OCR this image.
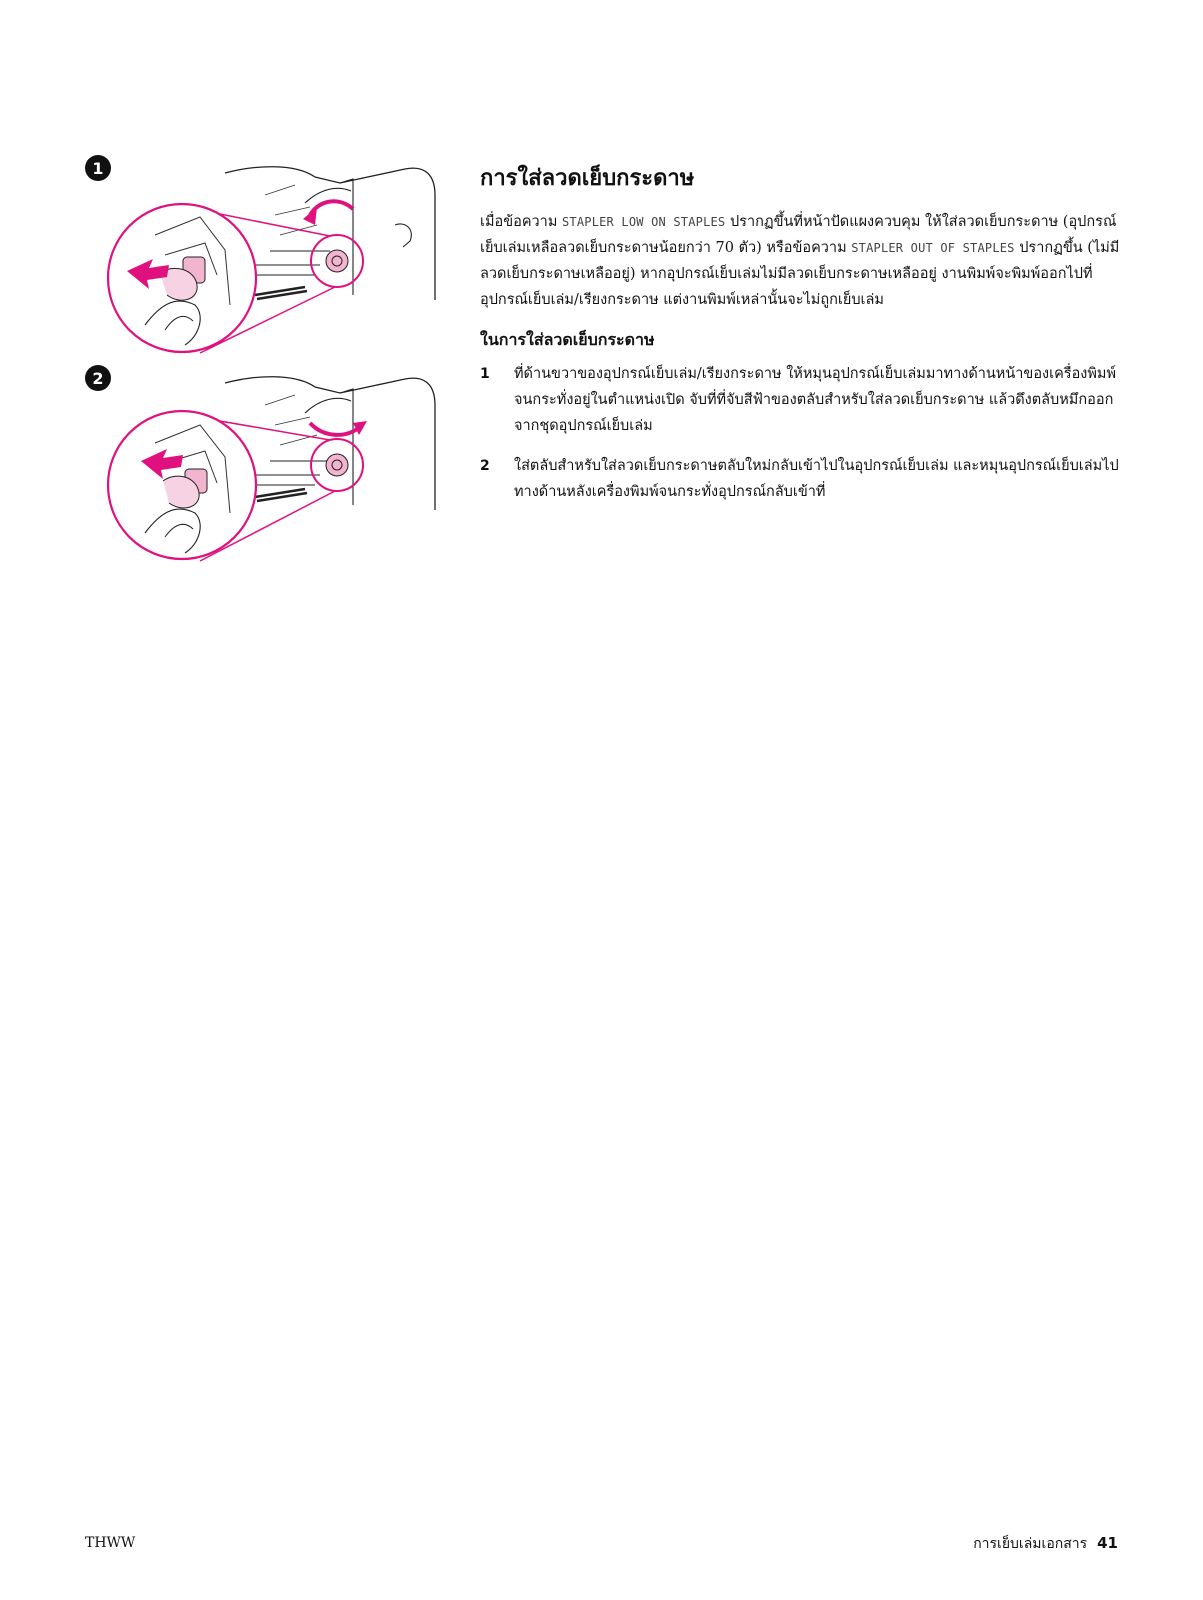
1
2
การใส่ลวดเย็บกระดาษ

เมื่อข้อความ STAPLER LOW ON STAPLES ปรากฏขึ้นที่หน้าปัดแผงควบคุม ให้ใส่ลวดเย็บกระดาษ (อุปกรณ์เย็บเล่มเหลือลวดเย็บกระดาษน้อยกว่า 70 ตัว) หรือข้อความ STAPLER OUT OF STAPLES ปรากฏขึ้น (ไม่มีลวดเย็บกระดาษเหลืออยู่) หากอุปกรณ์เย็บเล่มไม่มีลวดเย็บกระดาษเหลืออยู่ งานพิมพ์จะพิมพ์ออกไปที่อุปกรณ์เย็บเล่ม/เรียงกระดาษ แต่งานพิมพ์เหล่านั้นจะไม่ถูกเย็บเล่ม

ในการใส่ลวดเย็บกระดาษ
1 ที่ด้านขวาของอุปกรณ์เย็บเล่ม/เรียงกระดาษ ให้หมุนอุปกรณ์เย็บเล่มมาทางด้านหน้าของเครื่องพิมพ์ จนกระทั่งอยู่ในตำแหน่งเปิด จับที่ที่จับสีฟ้าของตลับสำหรับใส่ลวดเย็บกระดาษ แล้วดึงตลับหมึกออกจากชุดอุปกรณ์เย็บเล่ม
2 ใส่ตลับสำหรับใส่ลวดเย็บกระดาษตลับใหม่กลับเข้าไปในอุปกรณ์เย็บเล่ม และหมุนอุปกรณ์เย็บเล่มไปทางด้านหลังเครื่องพิมพ์จนกระทั่งอุปกรณ์กลับเข้าที่
THWW	การเย็บเล่มเอกสาร 41
